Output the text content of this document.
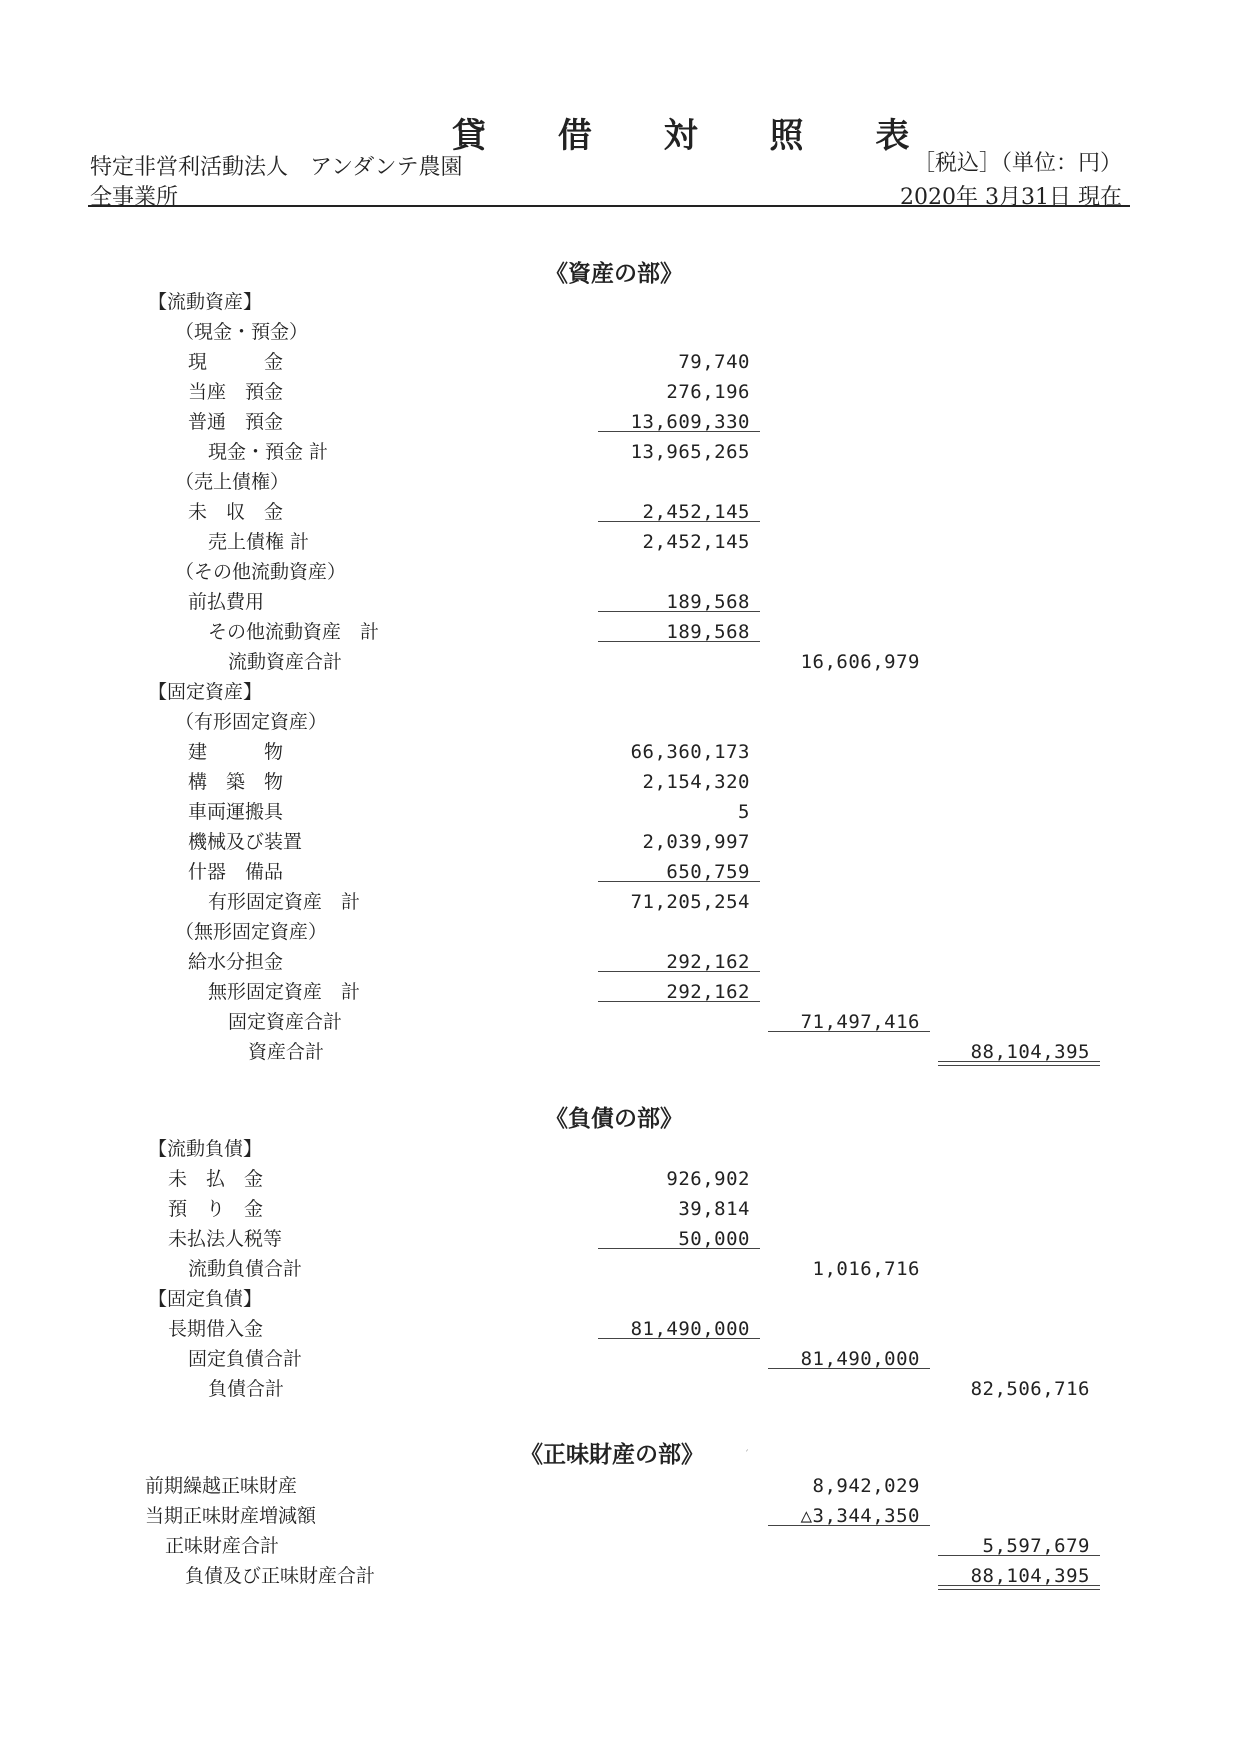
貸 借 対 照 表
特定非営利活動法人　アンダンテ農園
全事業所
［税込］（単位：円）
2020年 3月31日 現在
《資産の部》
【流動資産】
（現金・預金）
現　　　金	79,740
当座　預金	276,196
普通　預金	13,609,330
現金・預金 計	13,965,265
（売上債権）
未　収　金	2,452,145
売上債権 計	2,452,145
（その他流動資産）
前払費用	189,568
その他流動資産　計	189,568
流動資産合計	16,606,979
【固定資産】
（有形固定資産）
建　　　物	66,360,173
構　築　物	2,154,320
車両運搬具	5
機械及び装置	2,039,997
什器　備品	650,759
有形固定資産　計	71,205,254
（無形固定資産）
給水分担金	292,162
無形固定資産　計	292,162
固定資産合計	71,497,416
資産合計	88,104,395
《負債の部》
【流動負債】
未　払　金	926,902
預　り　金	39,814
未払法人税等	50,000
流動負債合計	1,016,716
【固定負債】
長期借入金	81,490,000
固定負債合計	81,490,000
負債合計	82,506,716
《正味財産の部》	´
前期繰越正味財産	8,942,029
当期正味財産増減額	△3,344,350
正味財産合計	5,597,679
負債及び正味財産合計	88,104,395
